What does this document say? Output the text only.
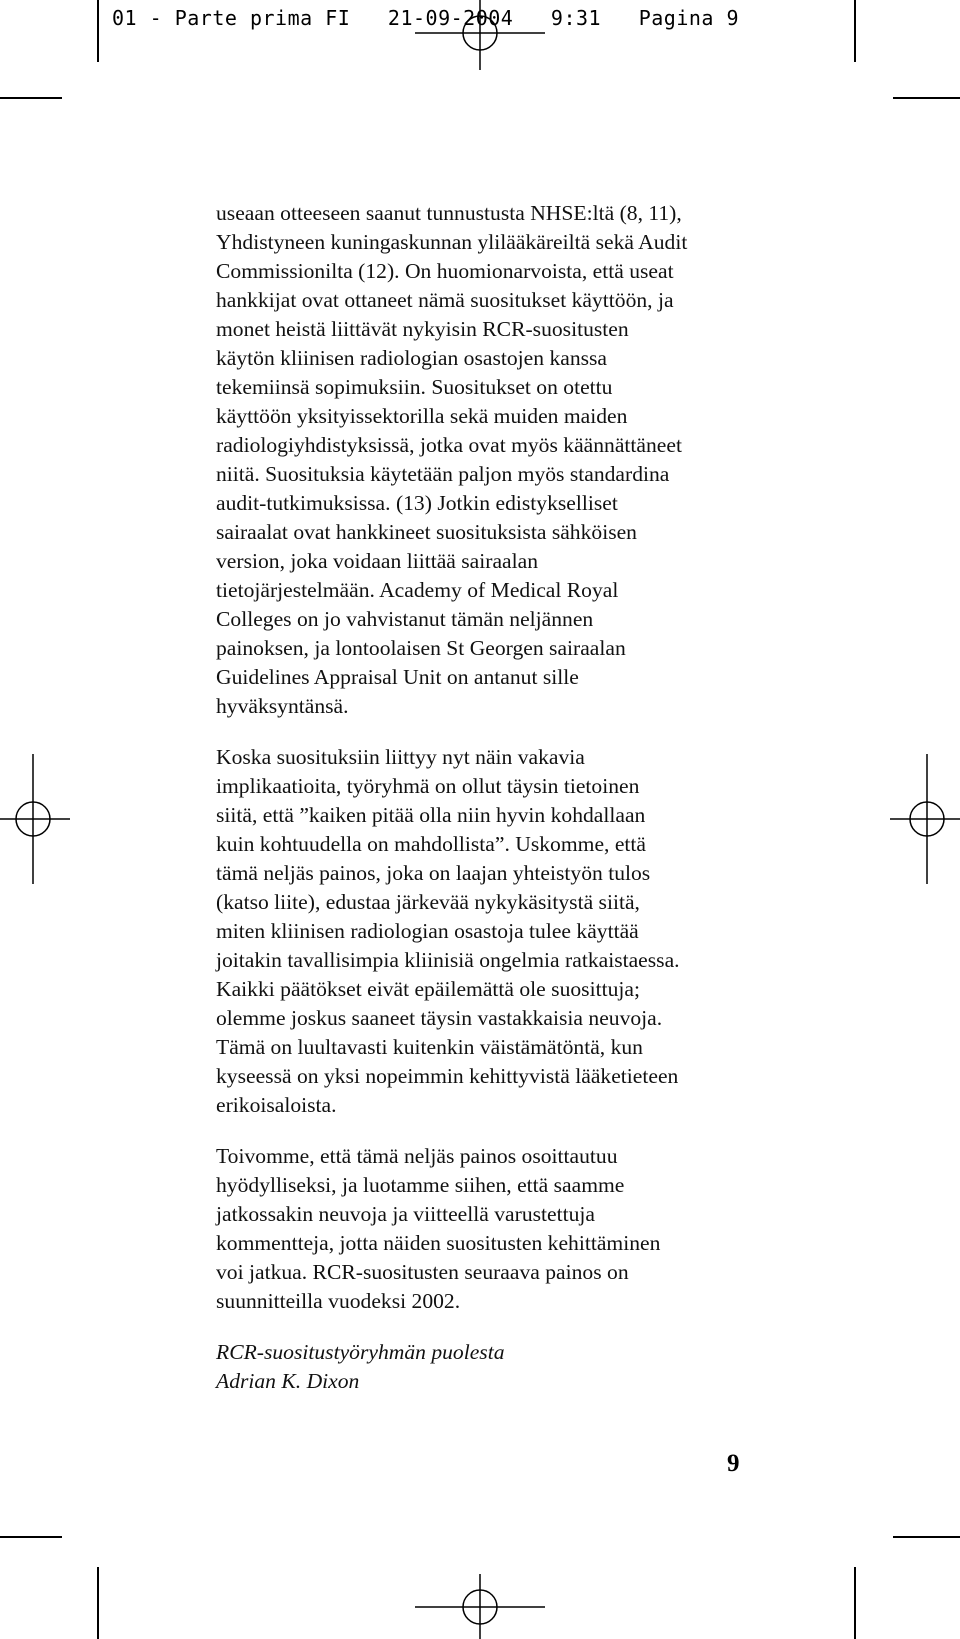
01 - Parte prima FI   21-09-2004   9:31   Pagina 9
useaan otteeseen saanut tunnustusta NHSE:ltä (8, 11),
Yhdistyneen kuningaskunnan ylilääkäreiltä sekä Audit
Commissionilta (12). On huomionarvoista, että useat
hankkijat ovat ottaneet nämä suositukset käyttöön, ja
monet heistä liittävät nykyisin RCR-suositusten
käytön kliinisen radiologian osastojen kanssa
tekemiinsä sopimuksiin. Suositukset on otettu
käyttöön yksityissektorilla sekä muiden maiden
radiologiyhdistyksissä, jotka ovat myös käännättäneet
niitä. Suosituksia käytetään paljon myös standardina
audit-tutkimuksissa. (13) Jotkin edistykselliset
sairaalat ovat hankkineet suosituksista sähköisen
version, joka voidaan liittää sairaalan
tietojärjestelmään. Academy of Medical Royal
Colleges on jo vahvistanut tämän neljännen
painoksen, ja lontoolaisen St Georgen sairaalan
Guidelines Appraisal Unit on antanut sille
hyväksyntänsä.
Koska suosituksiin liittyy nyt näin vakavia
implikaatioita, työryhmä on ollut täysin tietoinen
siitä, että ”kaiken pitää olla niin hyvin kohdallaan
kuin kohtuudella on mahdollista”. Uskomme, että
tämä neljäs painos, joka on laajan yhteistyön tulos
(katso liite), edustaa järkevää nykykäsitystä siitä,
miten kliinisen radiologian osastoja tulee käyttää
joitakin tavallisimpia kliinisiä ongelmia ratkaistaessa.
Kaikki päätökset eivät epäilemättä ole suosittuja;
olemme joskus saaneet täysin vastakkaisia neuvoja.
Tämä on luultavasti kuitenkin väistämätöntä, kun
kyseessä on yksi nopeimmin kehittyvistä lääketieteen
erikoisaloista.
Toivomme, että tämä neljäs painos osoittautuu
hyödylliseksi, ja luotamme siihen, että saamme
jatkossakin neuvoja ja viitteellä varustettuja
kommentteja, jotta näiden suositusten kehittäminen
voi jatkua. RCR-suositusten seuraava painos on
suunnitteilla vuodeksi 2002.
RCR-suositustyöryhmän puolesta
Adrian K. Dixon
9
